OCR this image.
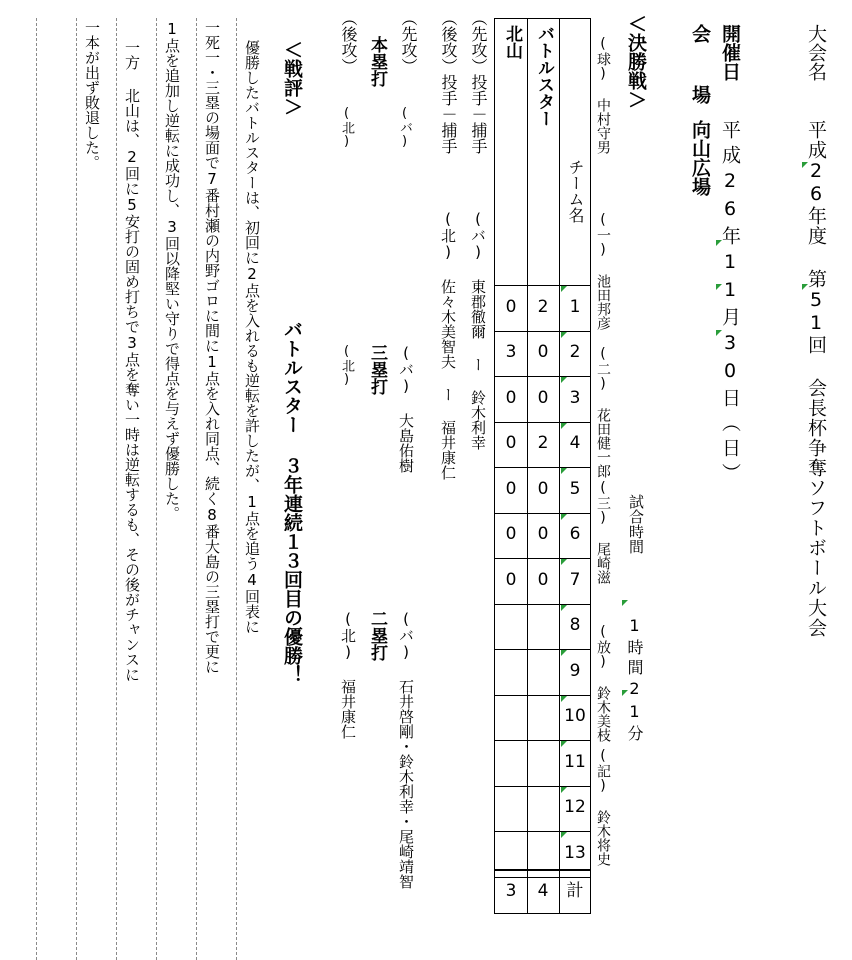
大会名
平成26年度 第51回 会長杯争奪ソフトボール大会
開催日
平成26年11月30日（日）
会 場
向山広場
＜決勝戦＞
(球) 中村守男
(一) 池田邦彦
(二) 花田健一郎
(三) 尾崎滋
(放) 鈴木美枝
(記) 鈴木将史
試合時間
1時間21分
チーム名
バトルスター
北山
1
2
0
2
0
3
3
0
0
4
2
0
5
0
0
6
0
0
7
0
0
8
9
10
11
12
13
計
4
3
（先攻）投手－捕手
（後攻）投手－捕手
(バ) 東郡徹爾 ー 鈴木利幸
(北) 佐々木美智夫 ー 福井康仁
（先攻）
（後攻） 本塁打
(バ)
(北)
三塁打 (バ) 大島佑樹
(北)
二塁打 (バ) 石井啓剛・鈴木利幸・尾崎靖智
(北) 福井康仁
＜戦評＞
バトルスター ３年連続１３回目の優勝！
優勝したバトルスターは、初回に2点を入れるも逆転を許したが、1点を追う4回表に
一死一・三塁の場面で7番村瀬の内野ゴロに間に1点を入れ同点、続く8番大島の三塁打で更に
1点を追加し逆転に成功し、3回以降堅い守りで得点を与えず優勝した。
一方 北山は、2回に5安打の固め打ちで3点を奪い一時は逆転するも、その後がチャンスに
一本が出ず敗退した。
